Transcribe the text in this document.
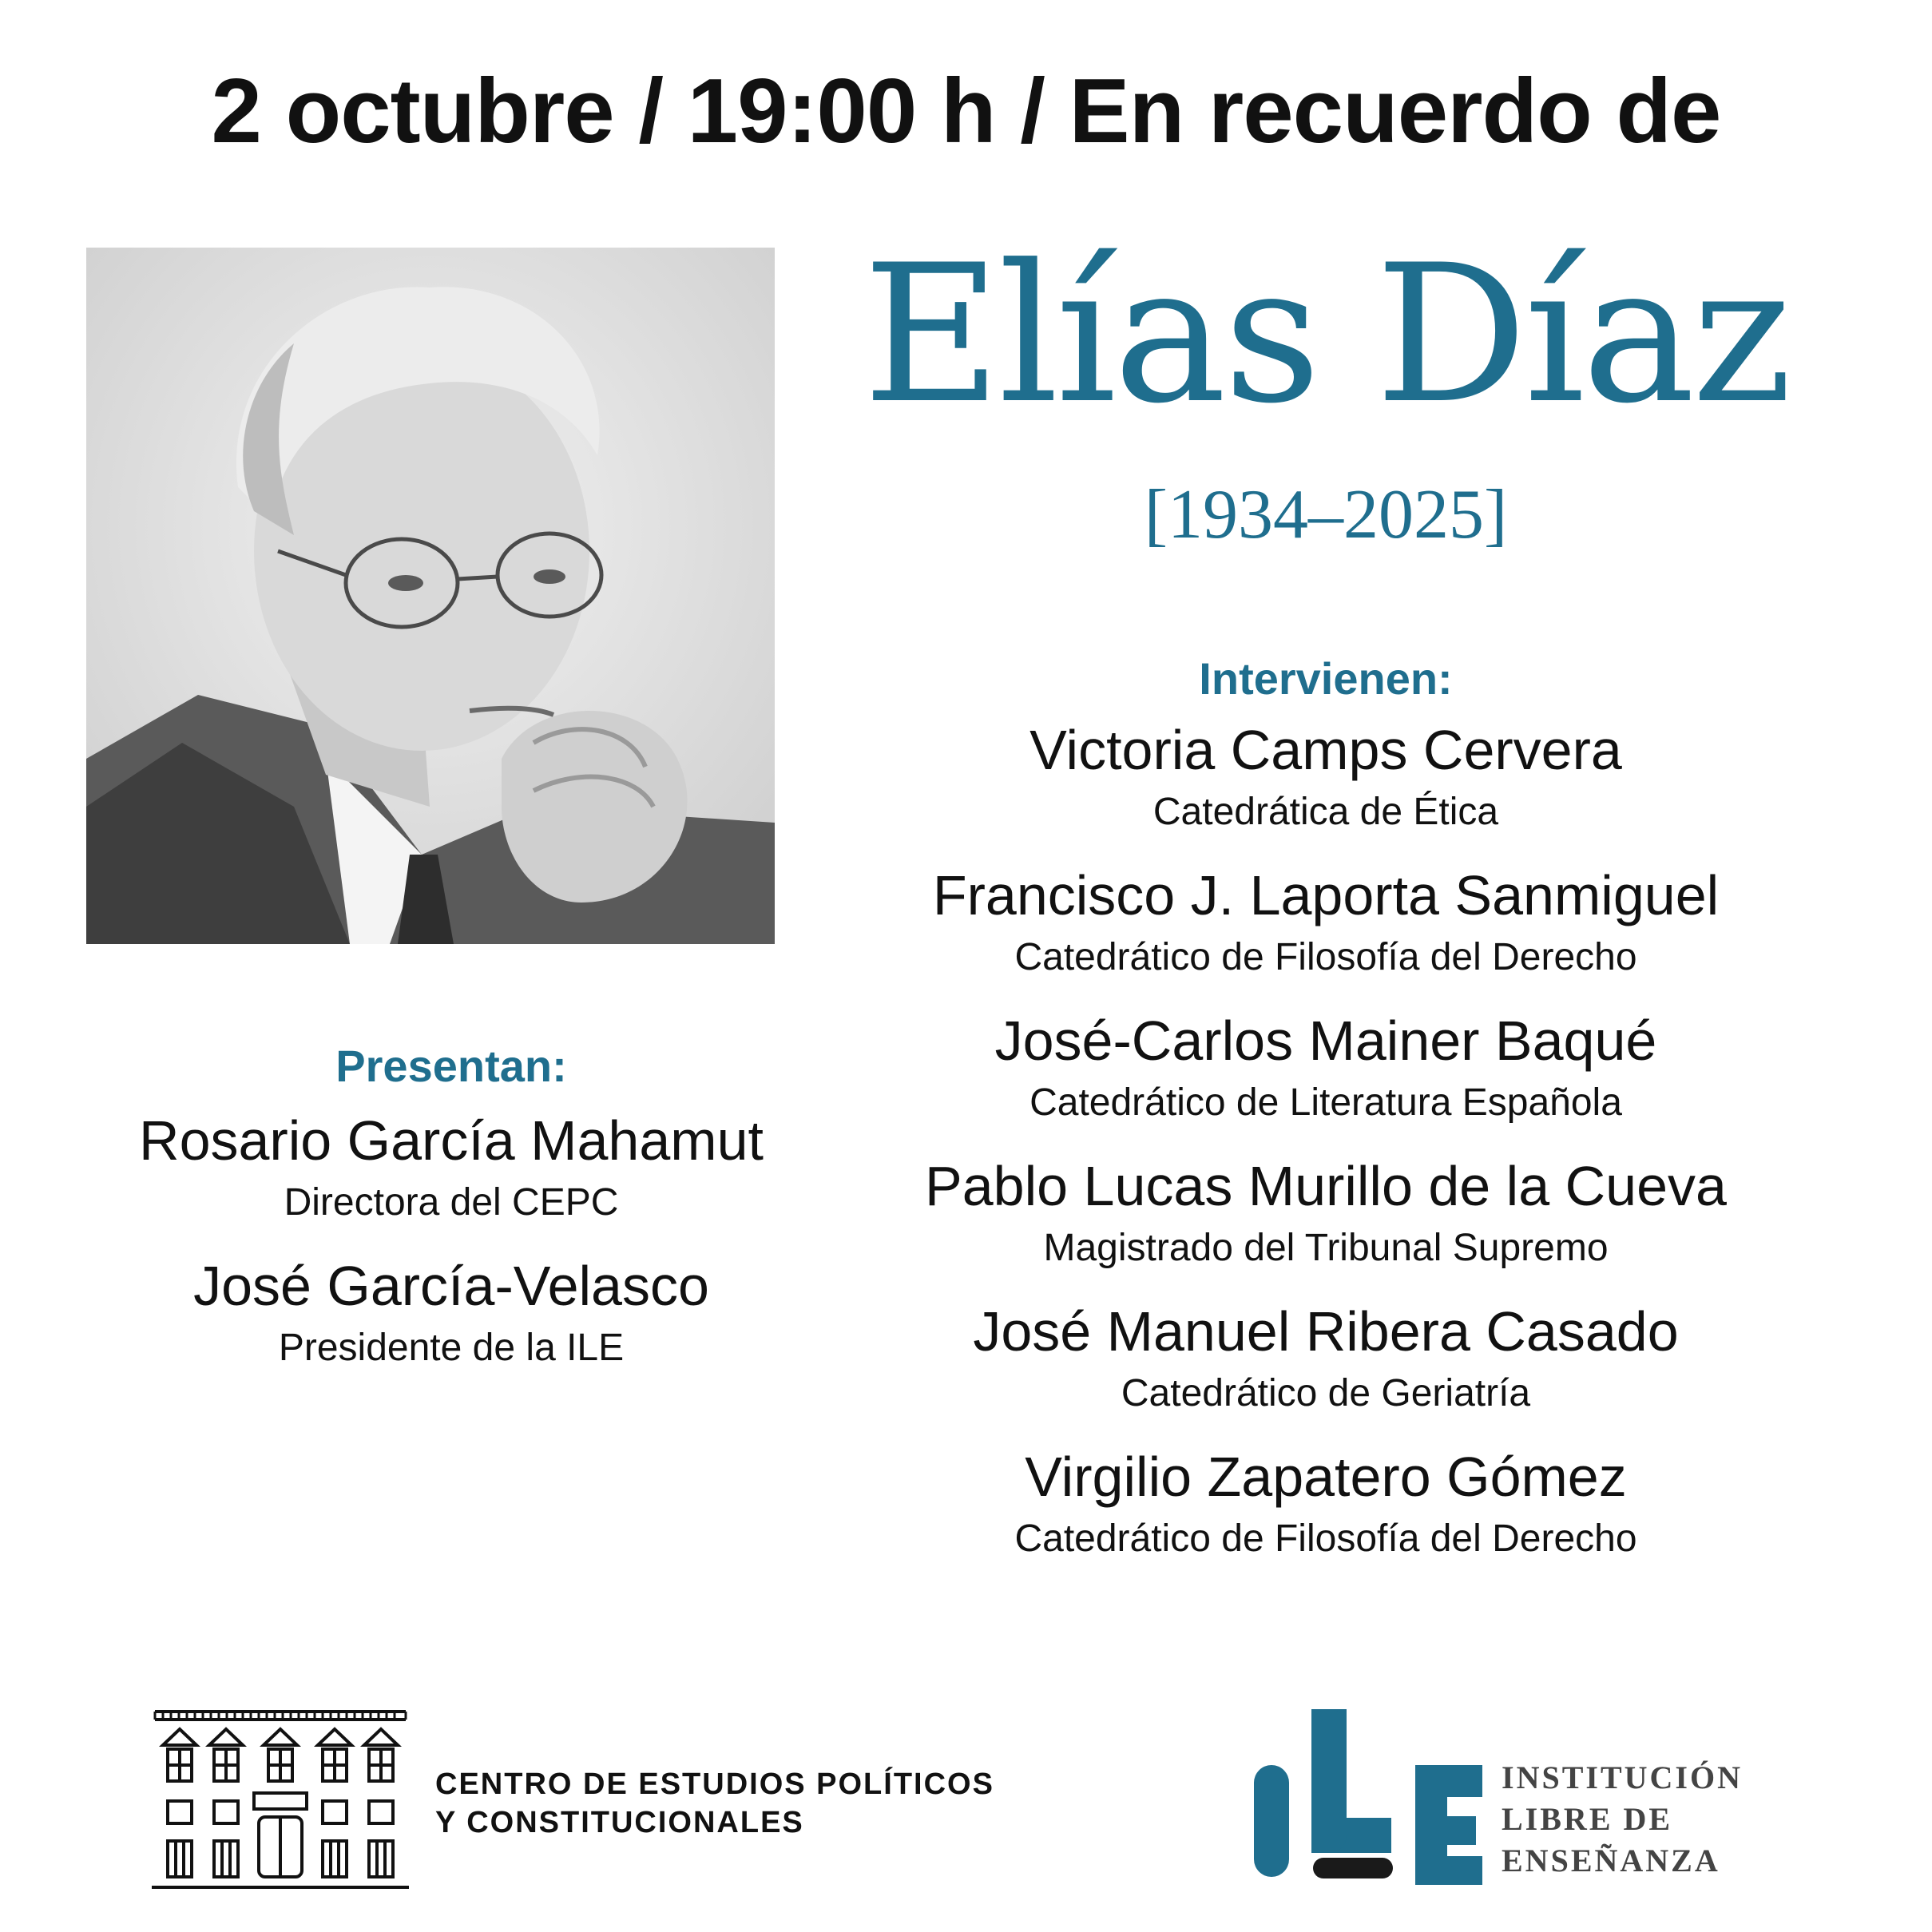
2 octubre / 19:00 h / En recuerdo de
Elías Díaz
[1934–2025]
Intervienen:
Victoria Camps Cervera
Catedrática de Ética
Francisco J. Laporta Sanmiguel
Catedrático de Filosofía del Derecho
José-Carlos Mainer Baqué
Catedrático de Literatura Española
Pablo Lucas Murillo de la Cueva
Magistrado del Tribunal Supremo
José Manuel Ribera Casado
Catedrático de Geriatría
Virgilio Zapatero Gómez
Catedrático de Filosofía del Derecho
Presentan:
Rosario García Mahamut
Directora del CEPC
José García-Velasco
Presidente de la ILE
CENTRO DE ESTUDIOS POLÍTICOS
Y CONSTITUCIONALES
INSTITUCIÓN
LIBRE DE
ENSEÑANZA
